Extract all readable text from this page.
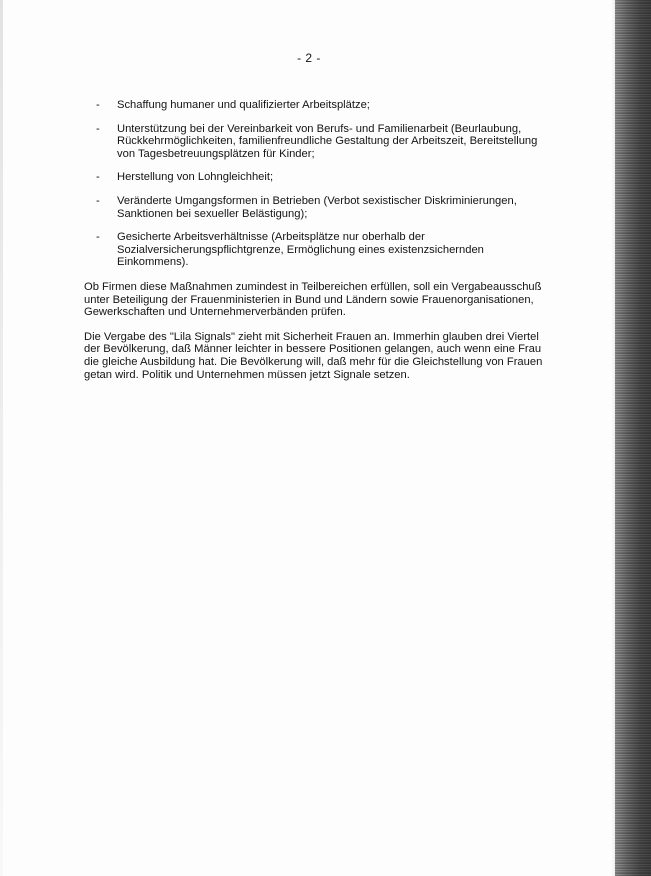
- 2 -
- Schaffung humaner und qualifizierter Arbeitsplätze;
- Unterstützung bei der Vereinbarkeit von Berufs- und Familienarbeit (Beurlaubung, Rückkehrmöglichkeiten, familienfreundliche Gestaltung der Arbeitszeit, Bereitstellung von Tagesbetreuungsplätzen für Kinder;
- Herstellung von Lohngleichheit;
- Veränderte Umgangsformen in Betrieben (Verbot sexistischer Diskriminierungen, Sanktionen bei sexueller Belästigung);
- Gesicherte Arbeitsverhältnisse (Arbeitsplätze nur oberhalb der Sozialversicherungspflichtgrenze, Ermöglichung eines existenzsichernden Einkommens).

Ob Firmen diese Maßnahmen zumindest in Teilbereichen erfüllen, soll ein Vergabeausschuß unter Beteiligung der Frauenministerien in Bund und Ländern sowie Frauenorganisationen, Gewerkschaften und Unternehmerverbänden prüfen.

Die Vergabe des "Lila Signals" zieht mit Sicherheit Frauen an. Immerhin glauben drei Viertel der Bevölkerung, daß Männer leichter in bessere Positionen gelangen, auch wenn eine Frau die gleiche Ausbildung hat. Die Bevölkerung will, daß mehr für die Gleichstellung von Frauen getan wird. Politik und Unternehmen müssen jetzt Signale setzen.
